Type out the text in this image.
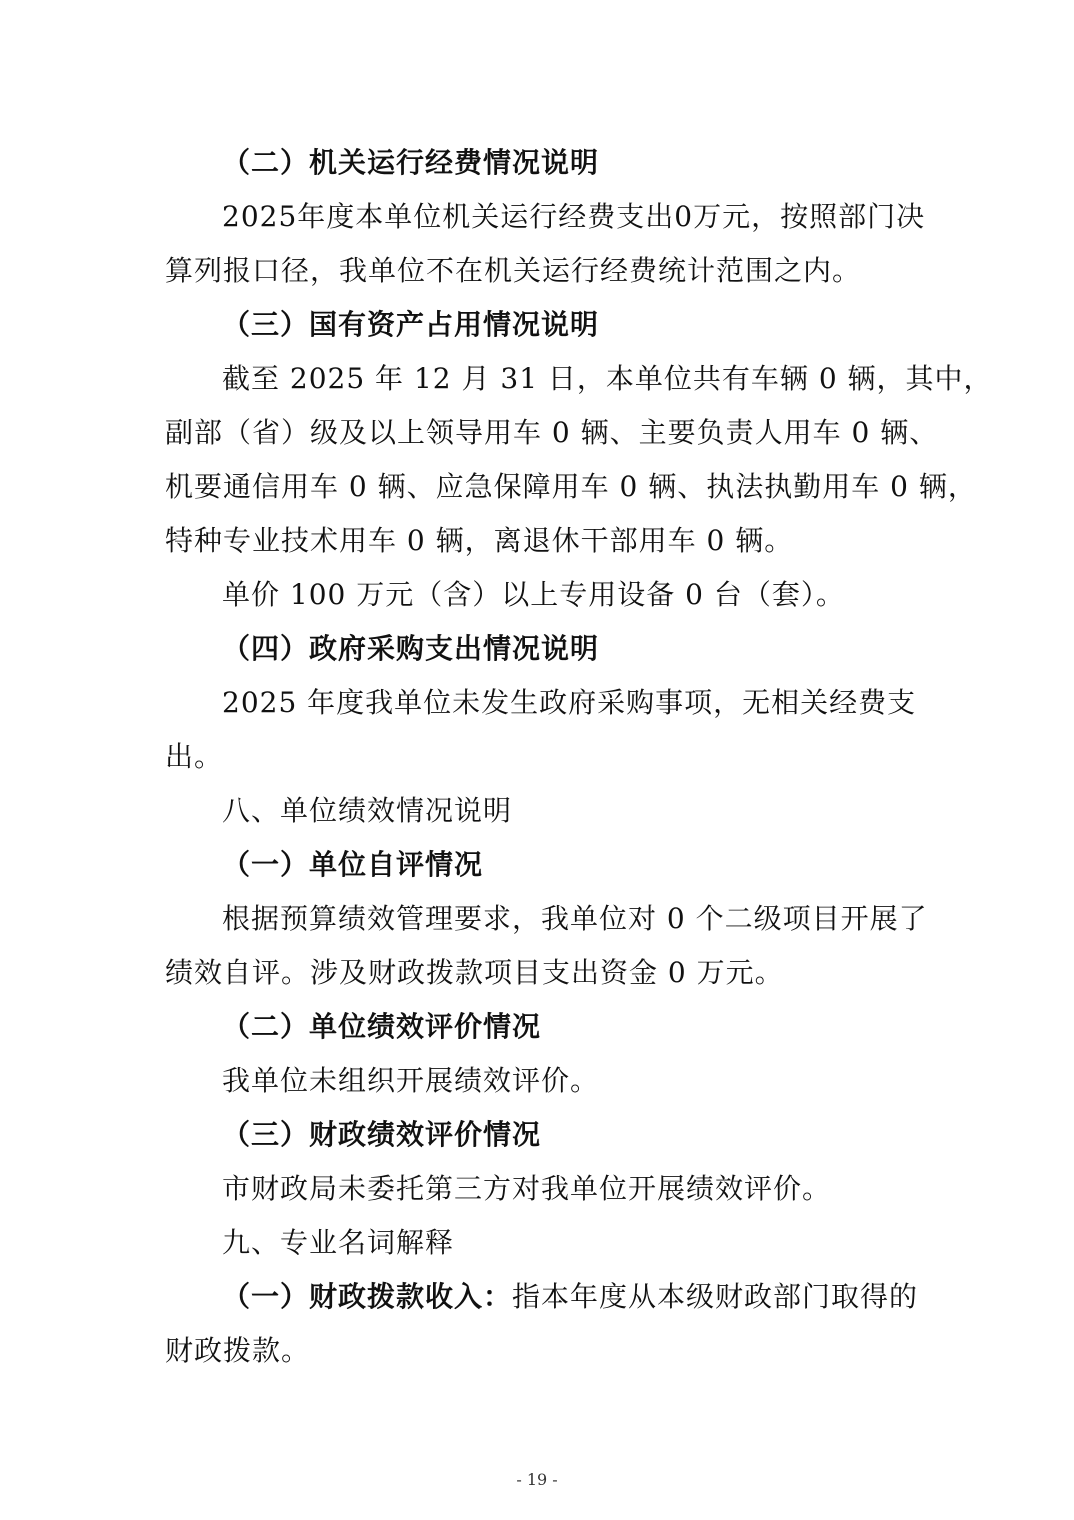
（二）机关运行经费情况说明
2025年度本单位机关运行经费支出0万元，按照部门决
算列报口径，我单位不在机关运行经费统计范围之内。
（三）国有资产占用情况说明
截至 2025 年 12 月 31 日，本单位共有车辆 0 辆，其中，
副部（省）级及以上领导用车 0 辆、主要负责人用车 0 辆、
机要通信用车 0 辆、应急保障用车 0 辆、执法执勤用车 0 辆，
特种专业技术用车 0 辆，离退休干部用车 0 辆。
单价 100 万元（含）以上专用设备 0 台（套）。
（四）政府采购支出情况说明
2025 年度我单位未发生政府采购事项，无相关经费支
出。
八、单位绩效情况说明
（一）单位自评情况
根据预算绩效管理要求，我单位对 0 个二级项目开展了
绩效自评。涉及财政拨款项目支出资金 0 万元。
（二）单位绩效评价情况
我单位未组织开展绩效评价。
（三）财政绩效评价情况
市财政局未委托第三方对我单位开展绩效评价。
九、专业名词解释
（一）财政拨款收入：指本年度从本级财政部门取得的
财政拨款。
- 19 -
